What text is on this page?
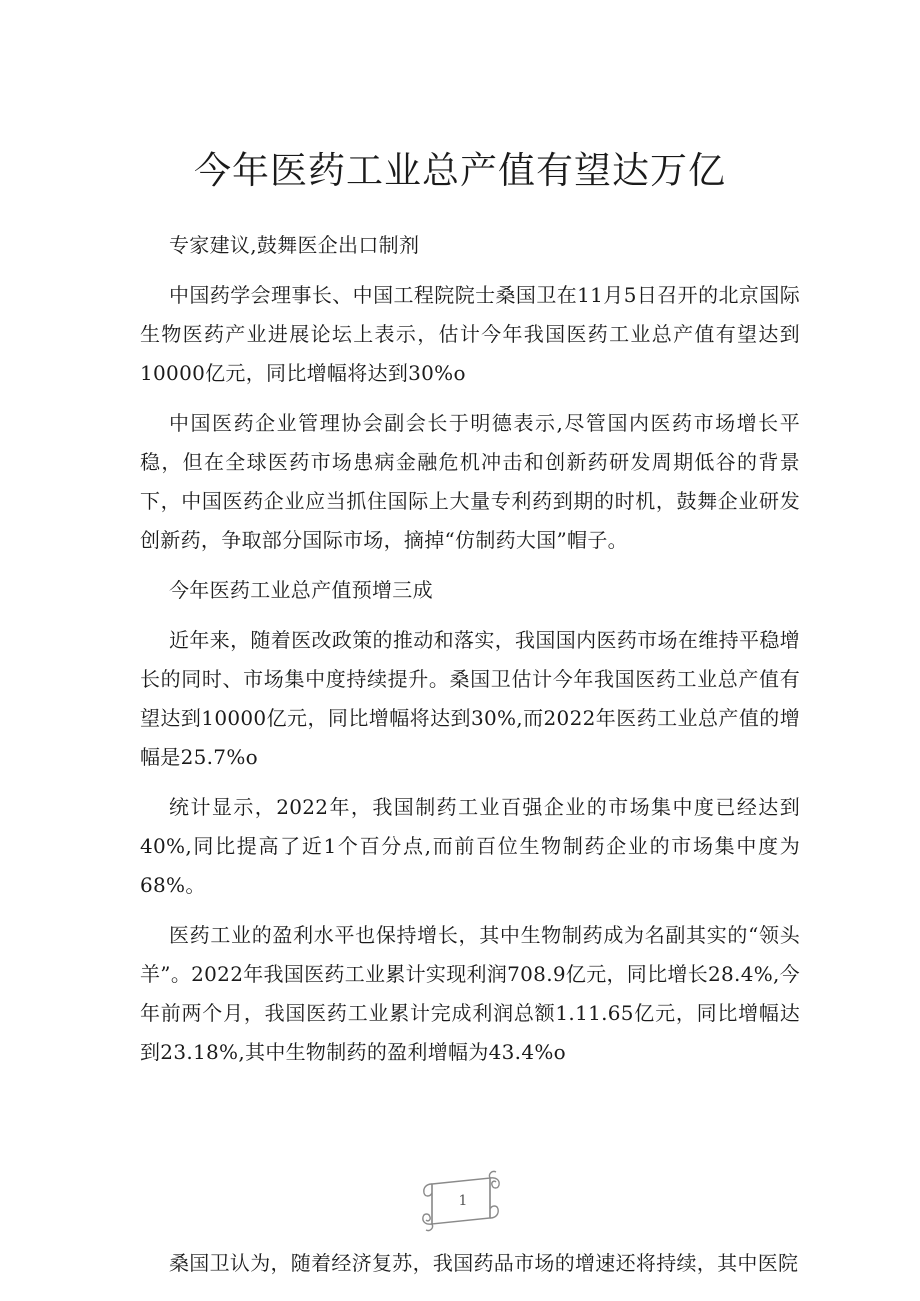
今年医药工业总产值有望达万亿

专家建议,鼓舞医企出口制剂

中国药学会理事长、中国工程院院士桑国卫在11月5日召开的北京国际生物医药产业进展论坛上表示，估计今年我国医药工业总产值有望达到10000亿元，同比增幅将达到30%o

中国医药企业管理协会副会长于明德表示,尽管国内医药市场增长平稳，但在全球医药市场患病金融危机冲击和创新药研发周期低谷的背景下，中国医药企业应当抓住国际上大量专利药到期的时机，鼓舞企业研发创新药，争取部分国际市场，摘掉“仿制药大国”帽子。

今年医药工业总产值预增三成

近年来，随着医改政策的推动和落实，我国国内医药市场在维持平稳增长的同时、市场集中度持续提升。桑国卫估计今年我国医药工业总产值有望达到10000亿元，同比增幅将达到30%,而2022年医药工业总产值的增幅是25.7%o

统计显示，2022年，我国制药工业百强企业的市场集中度已经达到40%,同比提高了近1个百分点,而前百位生物制药企业的市场集中度为68%。

医药工业的盈利水平也保持增长，其中生物制药成为名副其实的“领头羊”。2022年我国医药工业累计实现利润708.9亿元，同比增长28.4%,今年前两个月，我国医药工业累计完成利润总额1.11.65亿元，同比增幅达到23.18%,其中生物制药的盈利增幅为43.4%o

1
桑国卫认为，随着经济复苏，我国药品市场的增速还将持续，其中医院
